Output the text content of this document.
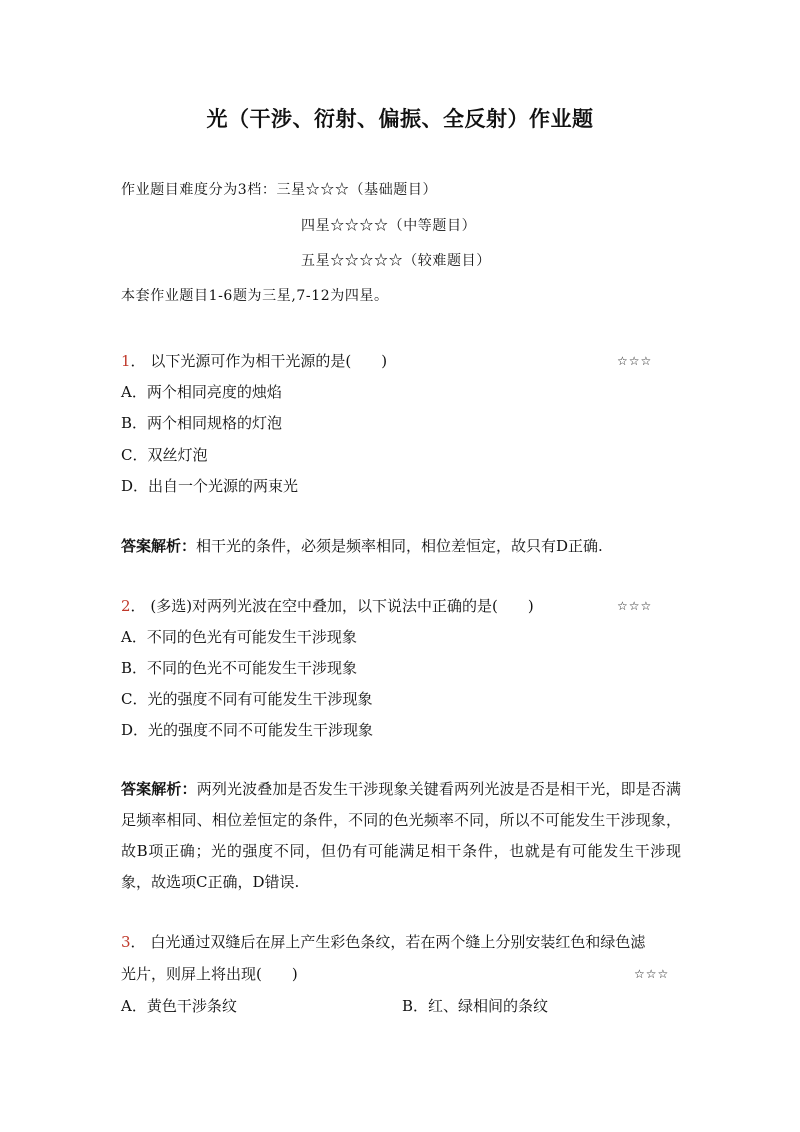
光（干涉、衍射、偏振、全反射）作业题
作业题目难度分为3档：三星☆☆☆（基础题目）
四星☆☆☆☆（中等题目）
五星☆☆☆☆☆（较难题目）
本套作业题目1-6题为三星,7-12为四星。
1． 以下光源可作为相干光源的是(　　)	☆☆☆
A．两个相同亮度的烛焰
B．两个相同规格的灯泡
C．双丝灯泡
D．出自一个光源的两束光
答案解析：相干光的条件，必须是频率相同，相位差恒定，故只有D正确.
2． (多选)对两列光波在空中叠加，以下说法中正确的是(　　)	☆☆☆
A．不同的色光有可能发生干涉现象
B．不同的色光不可能发生干涉现象
C．光的强度不同有可能发生干涉现象
D．光的强度不同不可能发生干涉现象
答案解析：两列光波叠加是否发生干涉现象关键看两列光波是否是相干光，即是否满足频率相同、相位差恒定的条件，不同的色光频率不同，所以不可能发生干涉现象，故B项正确；光的强度不同，但仍有可能满足相干条件，也就是有可能发生干涉现象，故选项C正确，D错误.
3． 白光通过双缝后在屏上产生彩色条纹，若在两个缝上分别安装红色和绿色滤
光片，则屏上将出现(　　)	☆☆☆
A．黄色干涉条纹	B．红、绿相间的条纹
